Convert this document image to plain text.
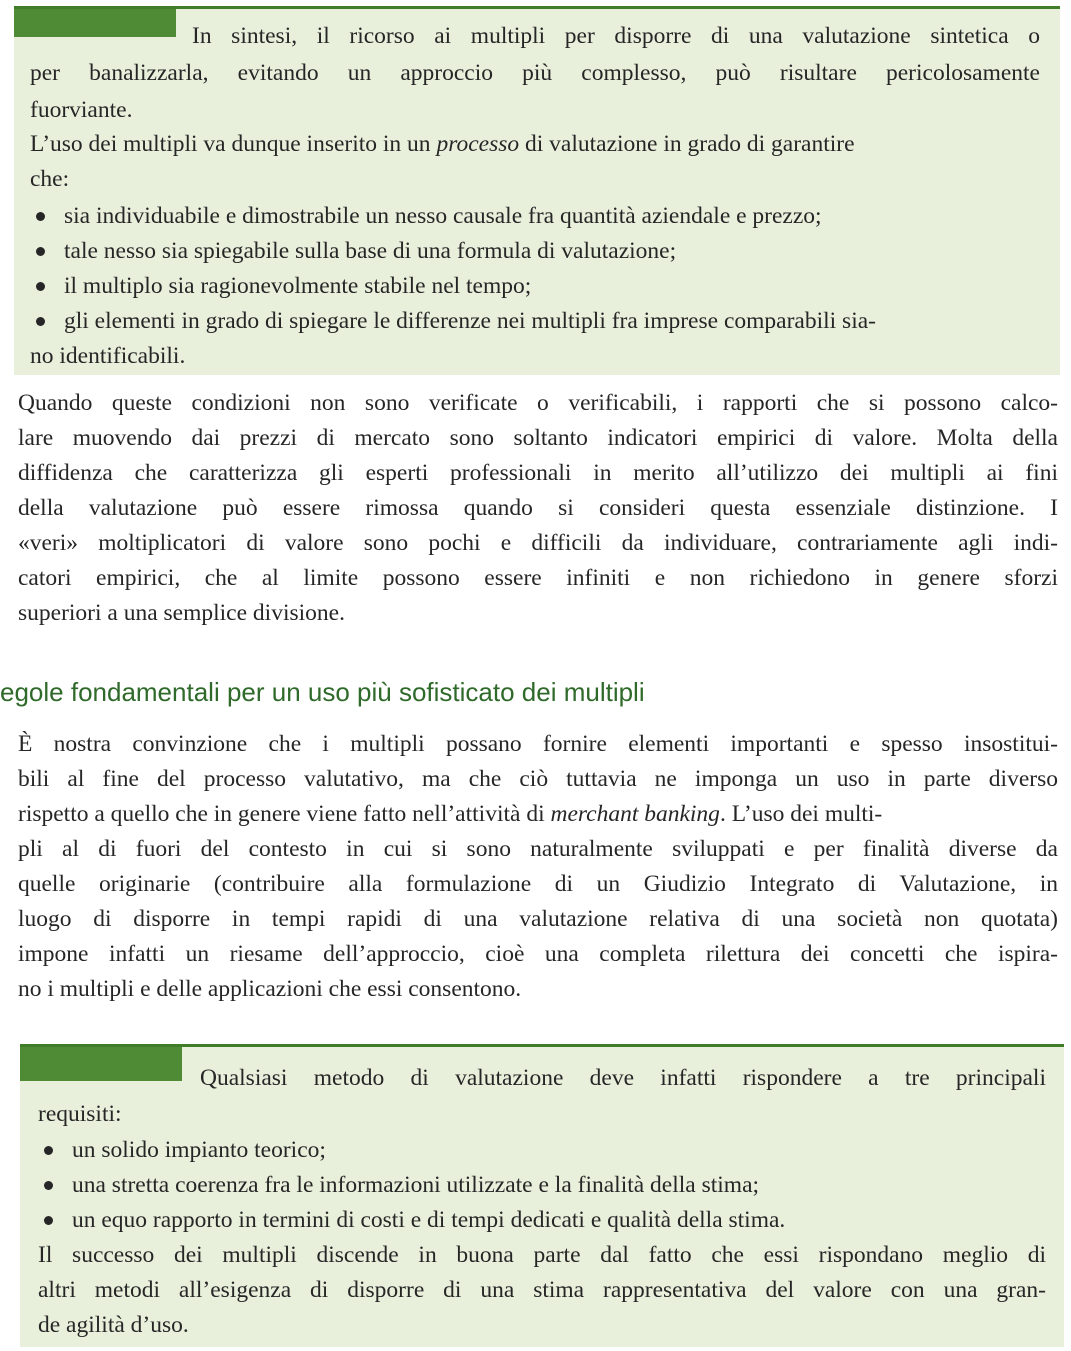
In sintesi, il ricorso ai multipli per disporre di una valutazione sintetica o
per banalizzarla, evitando un approccio più complesso, può risultare pericolosamente
fuorviante.
L’uso dei multipli va dunque inserito in un processo di valutazione in grado di garantire
che:
sia individuabile e dimostrabile un nesso causale fra quantità aziendale e prezzo;
tale nesso sia spiegabile sulla base di una formula di valutazione;
il multiplo sia ragionevolmente stabile nel tempo;
gli elementi in grado di spiegare le differenze nei multipli fra imprese comparabili sia-
no identificabili.
Quando queste condizioni non sono verificate o verificabili, i rapporti che si possono calco-
lare muovendo dai prezzi di mercato sono soltanto indicatori empirici di valore. Molta della
diffidenza che caratterizza gli esperti professionali in merito all’utilizzo dei multipli ai fini
della valutazione può essere rimossa quando si consideri questa essenziale distinzione. I
«veri» moltiplicatori di valore sono pochi e difficili da individuare, contrariamente agli indi-
catori empirici, che al limite possono essere infiniti e non richiedono in genere sforzi
superiori a una semplice divisione.
egole fondamentali per un uso più sofisticato dei multipli
È nostra convinzione che i multipli possano fornire elementi importanti e spesso insostitui-
bili al fine del processo valutativo, ma che ciò tuttavia ne imponga un uso in parte diverso
rispetto a quello che in genere viene fatto nell’attività di merchant banking. L’uso dei multi-
pli al di fuori del contesto in cui si sono naturalmente sviluppati e per finalità diverse da
quelle originarie (contribuire alla formulazione di un Giudizio Integrato di Valutazione, in
luogo di disporre in tempi rapidi di una valutazione relativa di una società non quotata)
impone infatti un riesame dell’approccio, cioè una completa rilettura dei concetti che ispira-
no i multipli e delle applicazioni che essi consentono.
Qualsiasi metodo di valutazione deve infatti rispondere a tre principali
requisiti:
un solido impianto teorico;
una stretta coerenza fra le informazioni utilizzate e la finalità della stima;
un equo rapporto in termini di costi e di tempi dedicati e qualità della stima.
Il successo dei multipli discende in buona parte dal fatto che essi rispondano meglio di
altri metodi all’esigenza di disporre di una stima rappresentativa del valore con una gran-
de agilità d’uso.
